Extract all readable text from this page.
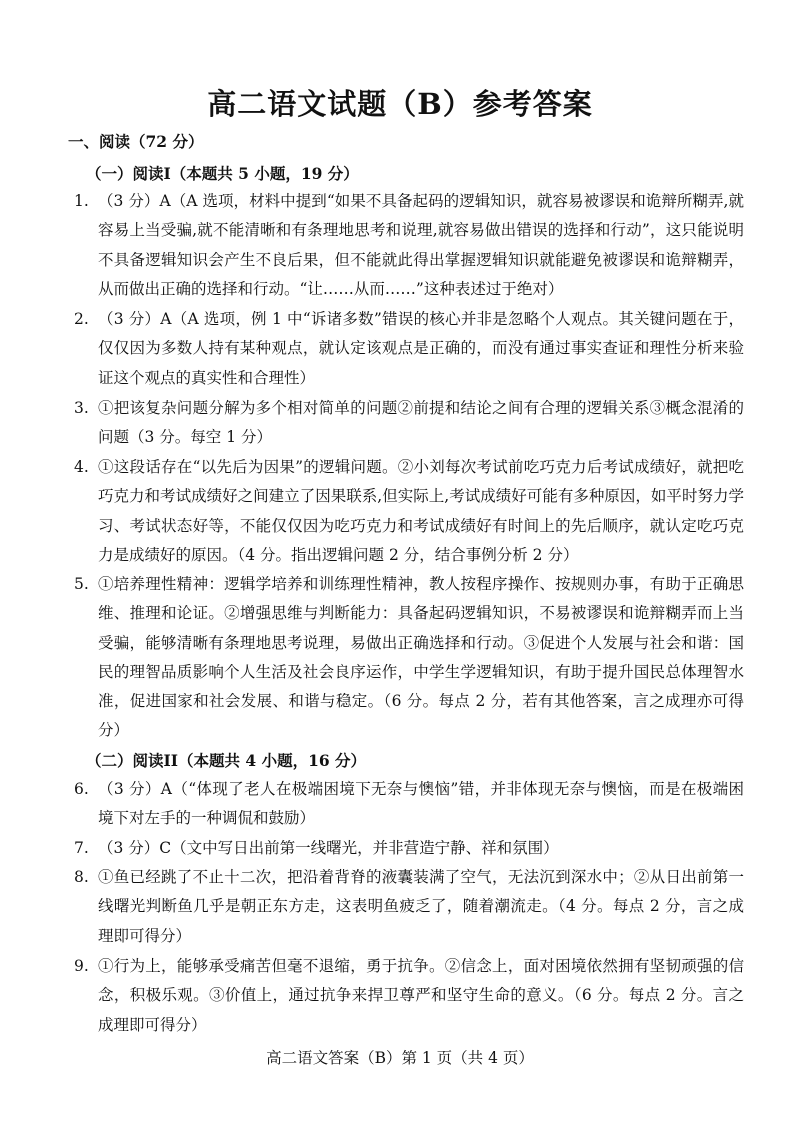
高二语文试题（B）参考答案
一、阅读（72 分）
（一）阅读I（本题共 5 小题，19 分）
1. （3 分）A（A 选项，材料中提到“如果不具备起码的逻辑知识，就容易被谬误和诡辩所糊弄,就容易上当受骗,就不能清晰和有条理地思考和说理,就容易做出错误的选择和行动”，这只能说明不具备逻辑知识会产生不良后果，但不能就此得出掌握逻辑知识就能避免被谬误和诡辩糊弄，从而做出正确的选择和行动。“让……从而……”这种表述过于绝对）
2. （3 分）A（A 选项，例 1 中“诉诸多数”错误的核心并非是忽略个人观点。其关键问题在于，仅仅因为多数人持有某种观点，就认定该观点是正确的，而没有通过事实查证和理性分析来验证这个观点的真实性和合理性）
3. ①把该复杂问题分解为多个相对简单的问题②前提和结论之间有合理的逻辑关系③概念混淆的问题（3 分。每空 1 分）
4. ①这段话存在“以先后为因果”的逻辑问题。②小刘每次考试前吃巧克力后考试成绩好，就把吃巧克力和考试成绩好之间建立了因果联系,但实际上,考试成绩好可能有多种原因，如平时努力学习、考试状态好等，不能仅仅因为吃巧克力和考试成绩好有时间上的先后顺序，就认定吃巧克力是成绩好的原因。（4 分。指出逻辑问题 2 分，结合事例分析 2 分）
5. ①培养理性精神：逻辑学培养和训练理性精神，教人按程序操作、按规则办事，有助于正确思维、推理和论证。②增强思维与判断能力：具备起码逻辑知识，不易被谬误和诡辩糊弄而上当受骗，能够清晰有条理地思考说理，易做出正确选择和行动。③促进个人发展与社会和谐：国民的理智品质影响个人生活及社会良序运作，中学生学逻辑知识，有助于提升国民总体理智水准，促进国家和社会发展、和谐与稳定。（6 分。每点 2 分，若有其他答案，言之成理亦可得分）
（二）阅读II（本题共 4 小题，16 分）
6. （3 分）A（“体现了老人在极端困境下无奈与懊恼”错，并非体现无奈与懊恼，而是在极端困境下对左手的一种调侃和鼓励）
7. （3 分）C（文中写日出前第一线曙光，并非营造宁静、祥和氛围）
8. ①鱼已经跳了不止十二次，把沿着背脊的液囊装满了空气，无法沉到深水中；②从日出前第一线曙光判断鱼几乎是朝正东方走，这表明鱼疲乏了，随着潮流走。（4 分。每点 2 分，言之成理即可得分）
9. ①行为上，能够承受痛苦但毫不退缩，勇于抗争。②信念上，面对困境依然拥有坚韧顽强的信念，积极乐观。③价值上，通过抗争来捍卫尊严和坚守生命的意义。（6 分。每点 2 分。言之成理即可得分）
高二语文答案（B）第 1 页（共 4 页）
